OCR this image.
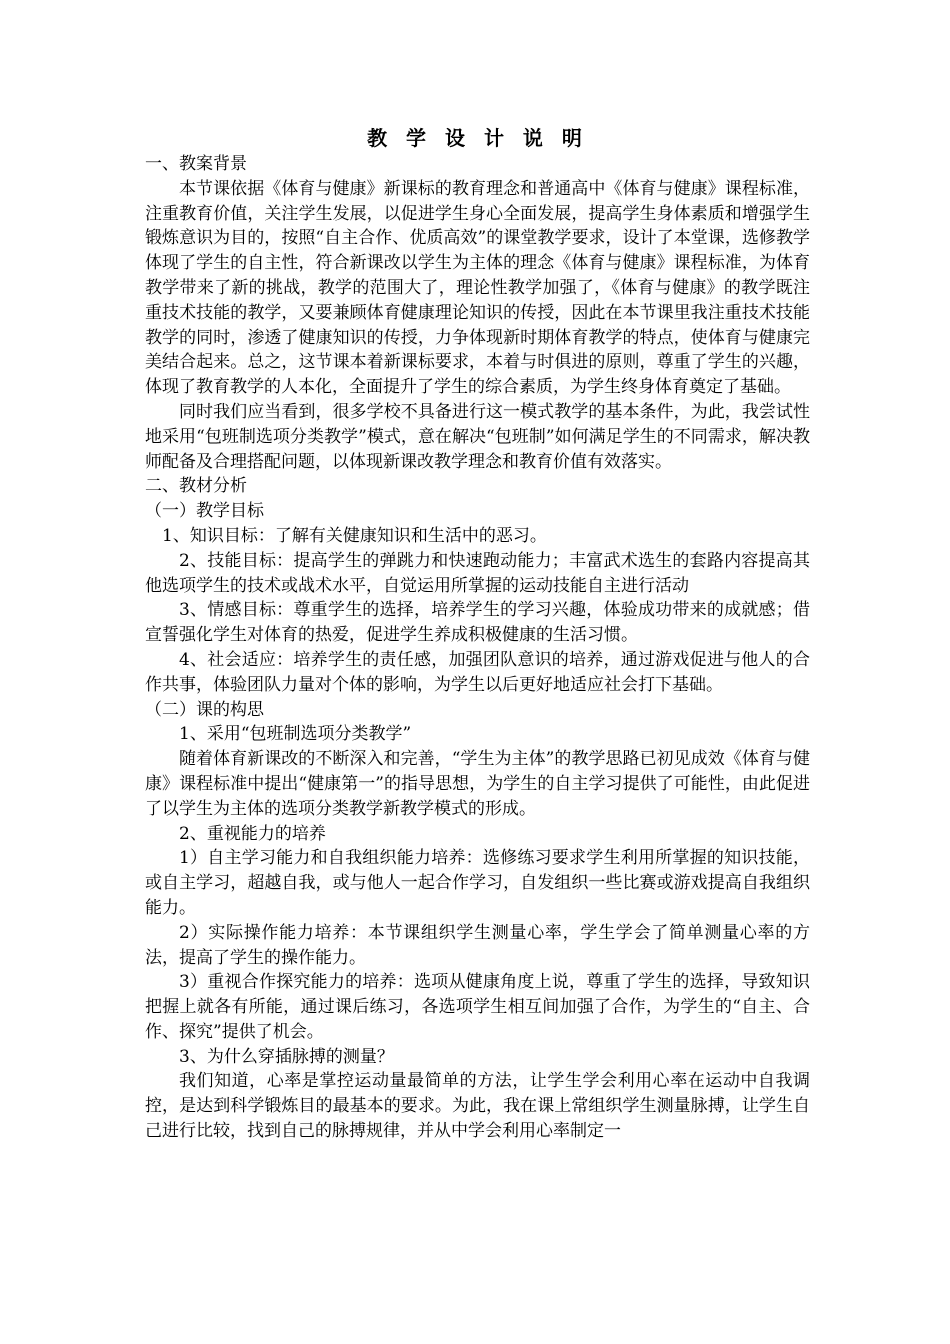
教 学 设 计 说 明

一、教案背景

本节课依据《体育与健康》新课标的教育理念和普通高中《体育与健康》课程标准，注重教育价值，关注学生发展，以促进学生身心全面发展，提高学生身体素质和增强学生锻炼意识为目的，按照“自主合作、优质高效”的课堂教学要求，设计了本堂课，选修教学体现了学生的自主性，符合新课改以学生为主体的理念《体育与健康》课程标准，为体育教学带来了新的挑战，教学的范围大了，理论性教学加强了，《体育与健康》的教学既注重技术技能的教学，又要兼顾体育健康理论知识的传授，因此在本节课里我注重技术技能教学的同时，渗透了健康知识的传授，力争体现新时期体育教学的特点，使体育与健康完美结合起来。总之，这节课本着新课标要求，本着与时俱进的原则，尊重了学生的兴趣，体现了教育教学的人本化，全面提升了学生的综合素质，为学生终身体育奠定了基础。

同时我们应当看到，很多学校不具备进行这一模式教学的基本条件，为此，我尝试性地采用“包班制选项分类教学”模式，意在解决“包班制”如何满足学生的不同需求，解决教师配备及合理搭配问题，以体现新课改教学理念和教育价值有效落实。

二、教材分析

（一）教学目标

1、知识目标：了解有关健康知识和生活中的恶习。

2、技能目标：提高学生的弹跳力和快速跑动能力；丰富武术选生的套路内容提高其他选项学生的技术或战术水平，自觉运用所掌握的运动技能自主进行活动

3、情感目标：尊重学生的选择，培养学生的学习兴趣，体验成功带来的成就感；借宣誓强化学生对体育的热爱，促进学生养成积极健康的生活习惯。

4、社会适应：培养学生的责任感，加强团队意识的培养，通过游戏促进与他人的合作共事，体验团队力量对个体的影响，为学生以后更好地适应社会打下基础。

（二）课的构思

1、采用“包班制选项分类教学”

随着体育新课改的不断深入和完善，“学生为主体”的教学思路已初见成效《体育与健康》课程标准中提出“健康第一”的指导思想，为学生的自主学习提供了可能性，由此促进了以学生为主体的选项分类教学新教学模式的形成。

2、重视能力的培养

1）自主学习能力和自我组织能力培养：选修练习要求学生利用所掌握的知识技能，或自主学习，超越自我，或与他人一起合作学习，自发组织一些比赛或游戏提高自我组织能力。

2）实际操作能力培养：本节课组织学生测量心率，学生学会了简单测量心率的方法，提高了学生的操作能力。

3）重视合作探究能力的培养：选项从健康角度上说，尊重了学生的选择，导致知识把握上就各有所能，通过课后练习，各选项学生相互间加强了合作，为学生的“自主、合作、探究”提供了机会。

3、为什么穿插脉搏的测量？

我们知道，心率是掌控运动量最简单的方法，让学生学会利用心率在运动中自我调控，是达到科学锻炼目的最基本的要求。为此，我在课上常组织学生测量脉搏，让学生自己进行比较，找到自己的脉搏规律，并从中学会利用心率制定一
